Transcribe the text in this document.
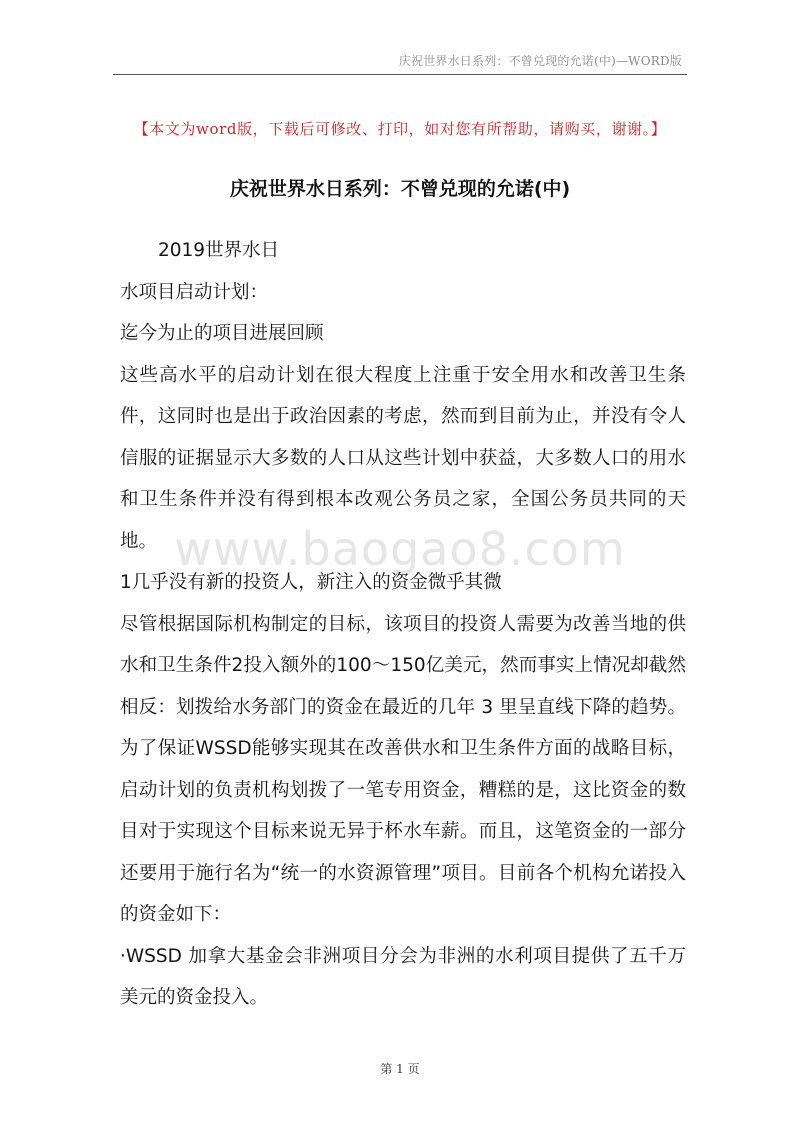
庆祝世界水日系列：不曾兑现的允诺(中)—WORD版
【本文为word版，下载后可修改、打印，如对您有所帮助，请购买，谢谢。】
庆祝世界水日系列：不曾兑现的允诺(中)
www.baogao8.com

2019世界水日

水项目启动计划：

迄今为止的项目进展回顾

这些高水平的启动计划在很大程度上注重于安全用水和改善卫生条件，这同时也是出于政治因素的考虑，然而到目前为止，并没有令人信服的证据显示大多数的人口从这些计划中获益，大多数人口的用水和卫生条件并没有得到根本改观公务员之家，全国公务员共同的天地。

1几乎没有新的投资人，新注入的资金微乎其微

尽管根据国际机构制定的目标，该项目的投资人需要为改善当地的供水和卫生条件2投入额外的100～150亿美元，然而事实上情况却截然相反：划拨给水务部门的资金在最近的几年 3 里呈直线下降的趋势。为了保证WSSD能够实现其在改善供水和卫生条件方面的战略目标，启动计划的负责机构划拨了一笔专用资金，糟糕的是，这比资金的数目对于实现这个目标来说无异于杯水车薪。而且，这笔资金的一部分还要用于施行名为“统一的水资源管理”项目。目前各个机构允诺投入的资金如下：

·WSSD 加拿大基金会非洲项目分会为非洲的水利项目提供了五千万美元的资金投入。

第 1 页
